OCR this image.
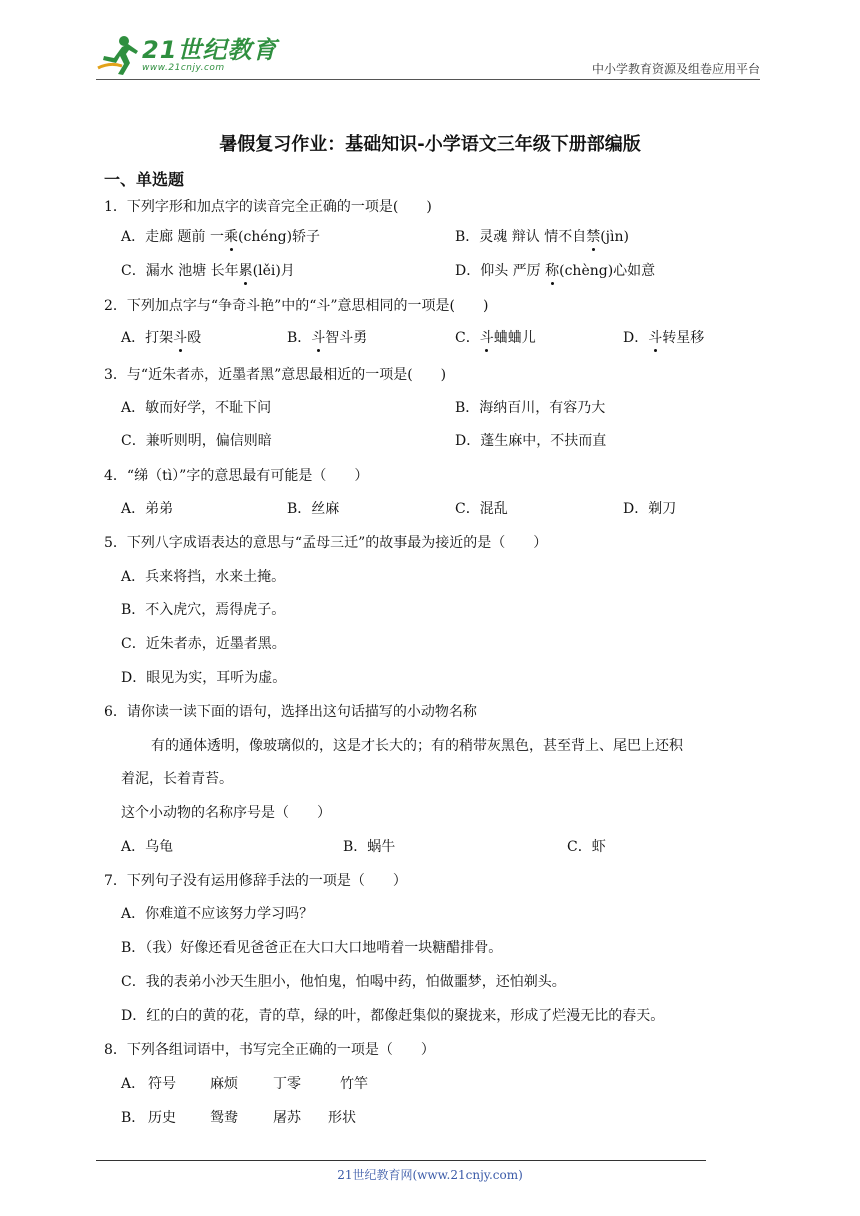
21世纪教育
www.21cnjy.com	中小学教育资源及组卷应用平台
暑假复习作业：基础知识-小学语文三年级下册部编版
一、单选题
1．下列字形和加点字的读音完全正确的一项是(　　)
A．走廊 题前 一乘(chéng)轿子	B．灵魂 辩认 情不自禁(jìn)
C．漏水 池塘 长年累(lěi)月	D．仰头 严厉 称(chèng)心如意
2．下列加点字与“争奇斗艳”中的“斗”意思相同的一项是(　　)
A．打架斗殴	B．斗智斗勇	C．斗蛐蛐儿	D．斗转星移
3．与“近朱者赤，近墨者黑”意思最相近的一项是(　　)
A．敏而好学，不耻下问	B．海纳百川，有容乃大
C．兼听则明，偏信则暗	D．蓬生麻中，不扶而直
4．“绨（tì）”字的意思最有可能是（　　）
A．弟弟	B．丝麻	C．混乱	D．剃刀
5．下列八字成语表达的意思与“孟母三迁”的故事最为接近的是（　　）
A．兵来将挡，水来土掩。
B．不入虎穴，焉得虎子。
C．近朱者赤，近墨者黑。
D．眼见为实，耳听为虚。
6．请你读一读下面的语句，选择出这句话描写的小动物名称
有的通体透明，像玻璃似的，这是才长大的；有的稍带灰黑色，甚至背上、尾巴上还积
着泥，长着青苔。
这个小动物的名称序号是（　　）
A．乌龟	B．蜗牛	C．虾
7．下列句子没有运用修辞手法的一项是（　　）
A．你难道不应该努力学习吗？
B．（我）好像还看见爸爸正在大口大口地啃着一块糖醋排骨。
C．我的表弟小沙天生胆小，他怕鬼，怕喝中药，怕做噩梦，还怕剃头。
D．红的白的黄的花，青的草，绿的叶，都像赶集似的聚拢来，形成了烂漫无比的春天。
8．下列各组词语中，书写完全正确的一项是（　　）
A． 符号 麻烦	丁零	竹竿
B． 历史 鸳鸯	屠苏 形状
21世纪教育网(www.21cnjy.com)
